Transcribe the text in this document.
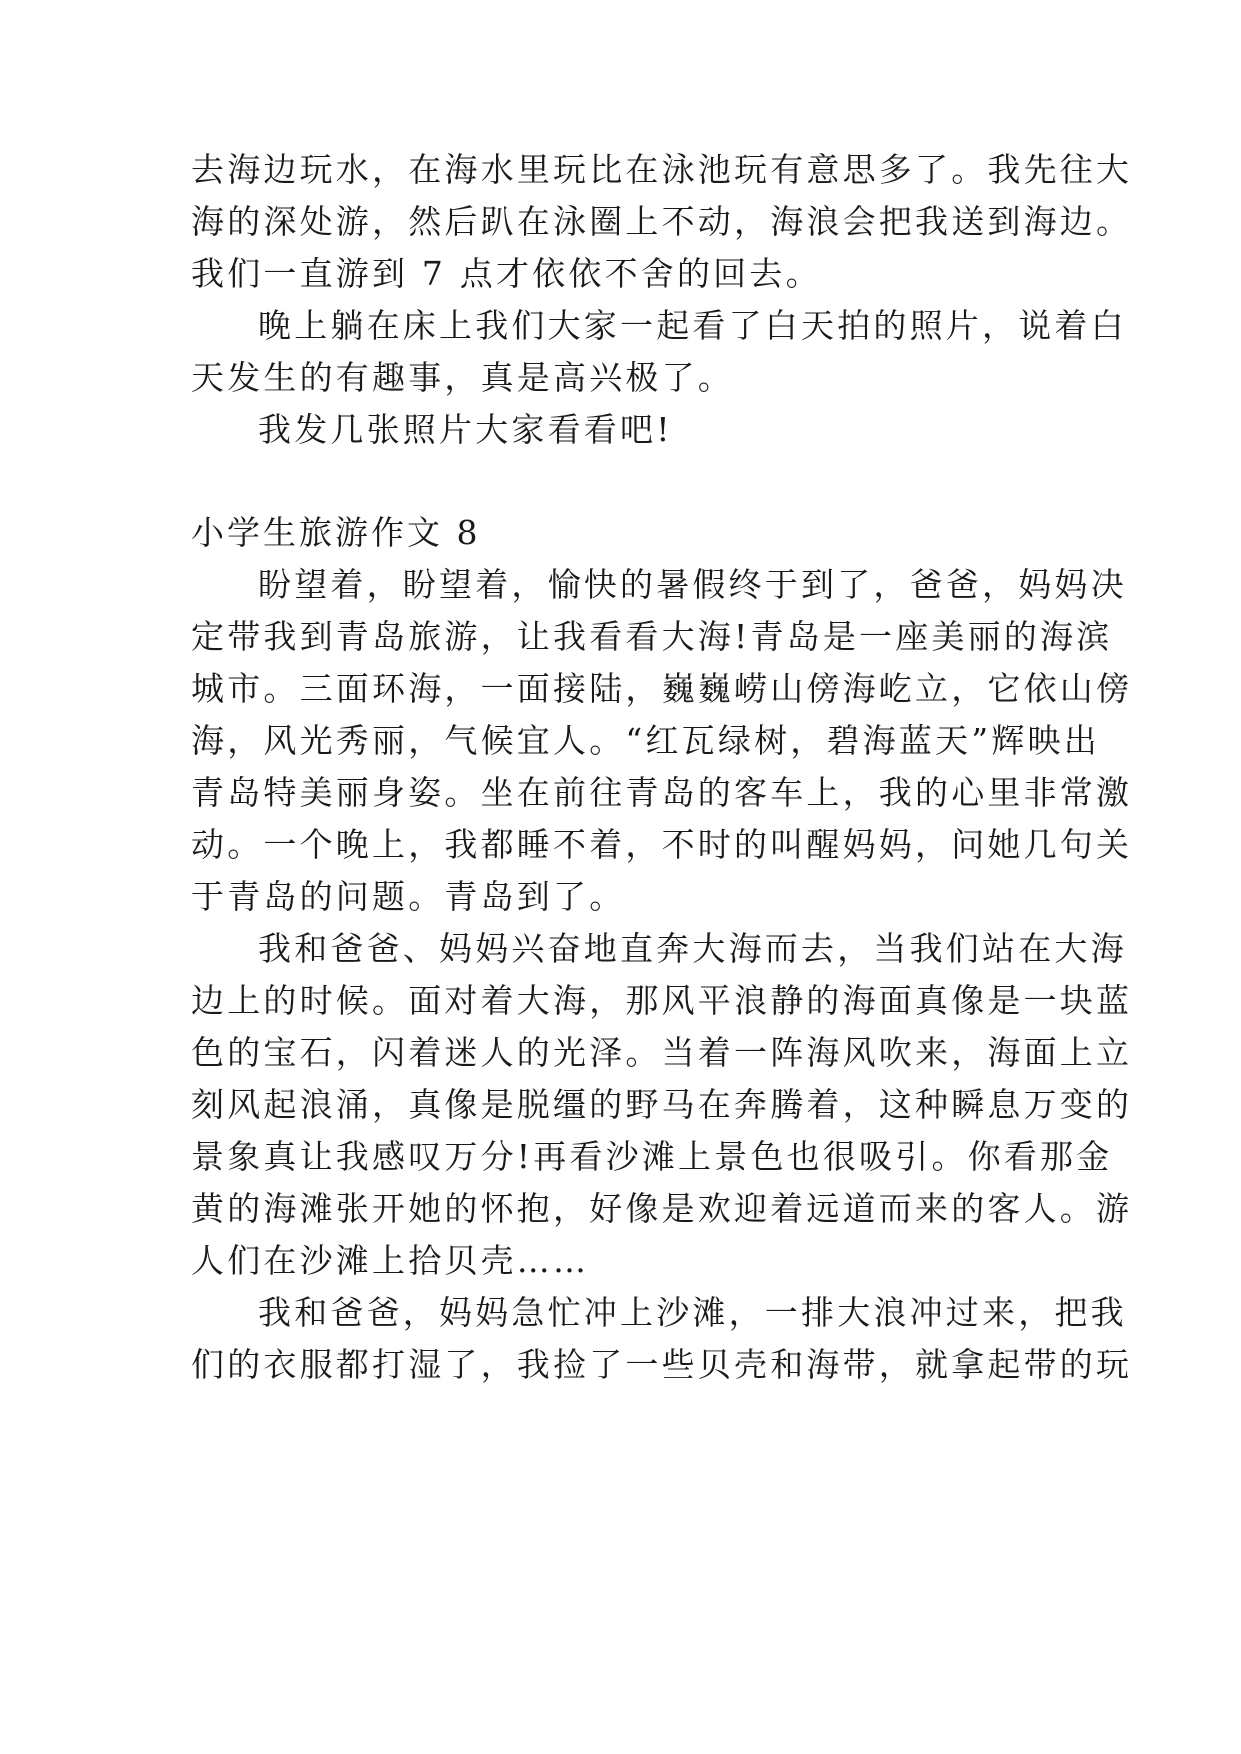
去海边玩水，在海水里玩比在泳池玩有意思多了。我先往大
海的深处游，然后趴在泳圈上不动，海浪会把我送到海边。
我们一直游到 7 点才依依不舍的回去。
晚上躺在床上我们大家一起看了白天拍的照片，说着白
天发生的有趣事，真是高兴极了。
我发几张照片大家看看吧!
小学生旅游作文 8
盼望着，盼望着，愉快的暑假终于到了，爸爸，妈妈决
定带我到青岛旅游，让我看看大海!青岛是一座美丽的海滨
城市。三面环海，一面接陆，巍巍崂山傍海屹立，它依山傍
海，风光秀丽，气候宜人。“红瓦绿树，碧海蓝天”辉映出
青岛特美丽身姿。坐在前往青岛的客车上，我的心里非常激
动。一个晚上，我都睡不着，不时的叫醒妈妈，问她几句关
于青岛的问题。青岛到了。
我和爸爸、妈妈兴奋地直奔大海而去，当我们站在大海
边上的时候。面对着大海，那风平浪静的海面真像是一块蓝
色的宝石，闪着迷人的光泽。当着一阵海风吹来，海面上立
刻风起浪涌，真像是脱缰的野马在奔腾着，这种瞬息万变的
景象真让我感叹万分!再看沙滩上景色也很吸引。你看那金
黄的海滩张开她的怀抱，好像是欢迎着远道而来的客人。游
人们在沙滩上拾贝壳……
我和爸爸，妈妈急忙冲上沙滩，一排大浪冲过来，把我
们的衣服都打湿了，我捡了一些贝壳和海带，就拿起带的玩
